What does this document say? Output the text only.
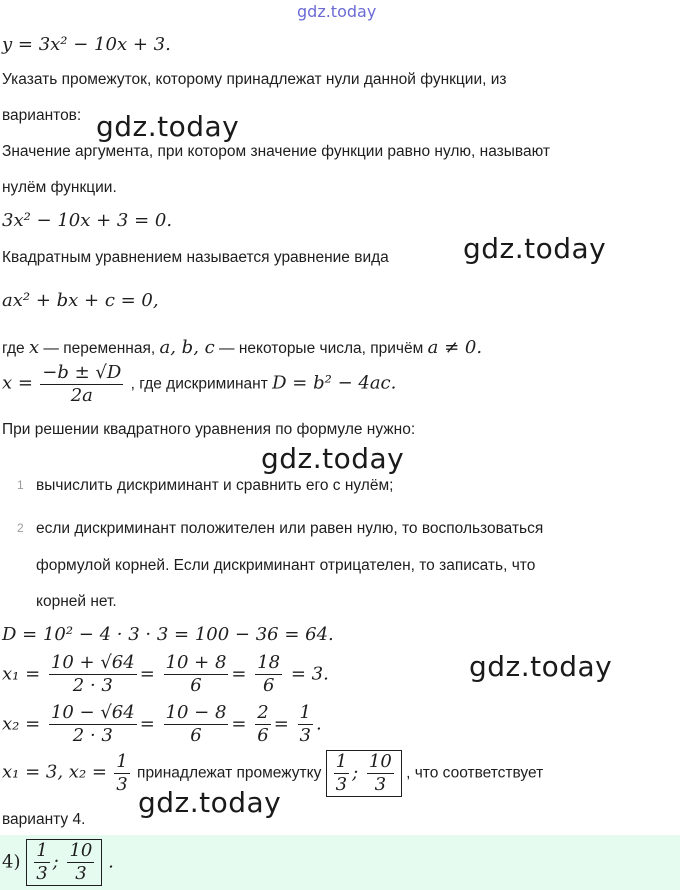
gdz.today
y = 3x² − 10x + 3.
Указать промежуток, которому принадлежат нули данной функции, из
вариантов:
Значение аргумента, при котором значение функции равно нулю, называют
нулём функции.
3x² − 10x + 3 = 0.
Квадратным уравнением называется уравнение вида
ax² + bx + c = 0,
где x — переменная, a, b, c — некоторые числа, причём a ≠ 0.
$x = \frac{-b \pm √D}{2a}$ , где дискриминант D = b² − 4ac.
При решении квадратного уравнения по формуле нужно:
1 вычислить дискриминант и сравнить его с нулём;
2 если дискриминант положителен или равен нулю, то воспользоваться
формулой корней. Если дискриминант отрицателен, то записать, что
корней нет.
D = 10² − 4 · 3 · 3 = 100 − 36 = 64.
$x_1 = \frac{10 + √64}{2 \cdot 3} = \frac{10 + 8}{6} = \frac{18}{6} = 3$.
$x_2 = \frac{10 - √64}{2 \cdot 3} = \frac{10 - 8}{6} = \frac{2}{6} = \frac{1}{3}$ .
x₁ = 3, $x_2 = \frac{1}{3}$ принадлежат промежутку $\frac{1}{3}$ ; $\frac{10}{3}$ , что соответствует
варианту 4.
$4) \frac{1}{3}$ ; $\frac{10}{3}$ .
gdz.today
gdz.today
gdz.today
gdz.today
gdz.today
